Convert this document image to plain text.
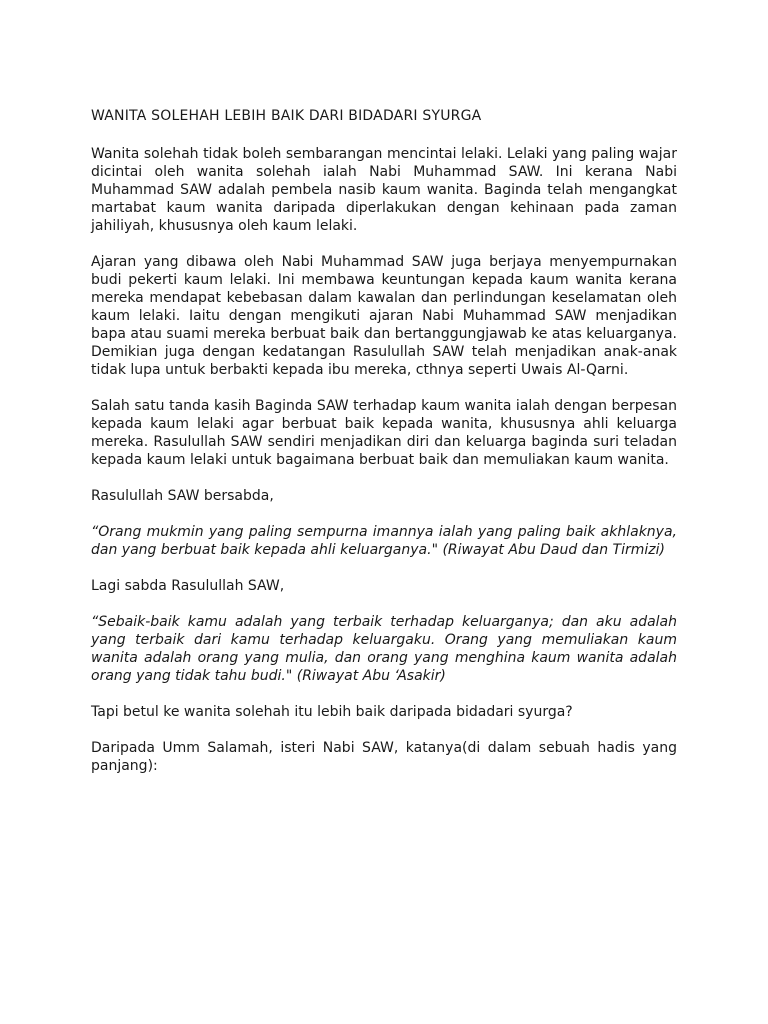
WANITA SOLEHAH LEBIH BAIK DARI BIDADARI SYURGA

Wanita solehah tidak boleh sembarangan mencintai lelaki. Lelaki yang paling wajar dicintai oleh wanita solehah ialah Nabi Muhammad SAW. Ini kerana Nabi Muhammad SAW adalah pembela nasib kaum wanita. Baginda telah mengangkat martabat kaum wanita daripada diperlakukan dengan kehinaan pada zaman jahiliyah, khususnya oleh kaum lelaki.

Ajaran yang dibawa oleh Nabi Muhammad SAW juga berjaya menyempurnakan budi pekerti kaum lelaki. Ini membawa keuntungan kepada kaum wanita kerana mereka mendapat kebebasan dalam kawalan dan perlindungan keselamatan oleh kaum lelaki. Iaitu dengan mengikuti ajaran Nabi Muhammad SAW menjadikan bapa atau suami mereka berbuat baik dan bertanggungjawab ke atas keluarganya. Demikian juga dengan kedatangan Rasulullah SAW telah menjadikan anak-anak tidak lupa untuk berbakti kepada ibu mereka, cthnya seperti Uwais Al-Qarni.

Salah satu tanda kasih Baginda SAW terhadap kaum wanita ialah dengan berpesan kepada kaum lelaki agar berbuat baik kepada wanita, khususnya ahli keluarga mereka. Rasulullah SAW sendiri menjadikan diri dan keluarga baginda suri teladan kepada kaum lelaki untuk bagaimana berbuat baik dan memuliakan kaum wanita.

Rasulullah SAW bersabda,

“Orang mukmin yang paling sempurna imannya ialah yang paling baik akhlaknya, dan yang berbuat baik kepada ahli keluarganya." (Riwayat Abu Daud dan Tirmizi)

Lagi sabda Rasulullah SAW,

“Sebaik-baik kamu adalah yang terbaik terhadap keluarganya; dan aku adalah yang terbaik dari kamu terhadap keluargaku. Orang yang memuliakan kaum wanita adalah orang yang mulia, dan orang yang menghina kaum wanita adalah orang yang tidak tahu budi." (Riwayat Abu ‘Asakir)

Tapi betul ke wanita solehah itu lebih baik daripada bidadari syurga?

Daripada Umm Salamah, isteri Nabi SAW, katanya(di dalam sebuah hadis yang panjang):
